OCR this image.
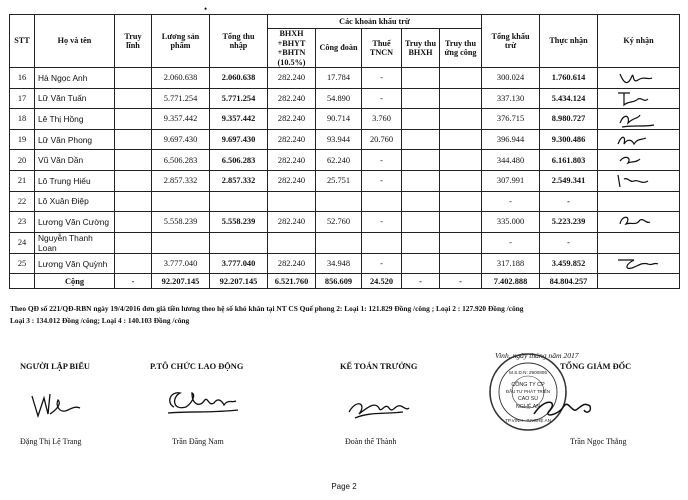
•
STT	Họ và tên	Truy lĩnh	Lương sản phẩm	Tổng thu nhập	Các khoản khấu trừ					Tổng khấu trừ	Thực nhận	Ký nhận
					BHXH +BHYT +BHTN (10.5%)	Công đoàn	Thuế TNCN	Truy thu BHXH	Truy thu ứng công			
16	Hà Ngọc Anh		2.060.638	2.060.638	282.240	17.784	-			300.024	1.760.614	

17	Lữ Văn Tuấn		5.771.254	5.771.254	282.240	54.890	-			337.130	5.434.124	

18	Lê Thị Hồng		9.357.442	9.357.442	282.240	90.714	3.760			376.715	8.980.727	

19	Lữ Văn Phong		9.697.430	9.697.430	282.240	93.944	20.760			396.944	9.300.486	

20	Vũ Văn Dần		6.506.283	6.506.283	282.240	62.240	-			344.480	6.161.803	

21	Lô Trung Hiếu		2.857.332	2.857.332	282.240	25.751	-			307.991	2.549.341	

22	Lô Xuân Điệp									-	-	
23	Lương Văn Cường		5.558.239	5.558.239	282.240	52.760	-			335.000	5.223.239	

24	Nguyễn Thanh Loan									-	-	
25	Lương Văn Quỳnh		3.777.040	3.777.040	282.240	34.948	-			317.188	3.459.852	

	Cộng	-	92.207.145	92.207.145	6.521.760	856.609	24.520	-	-	7.402.888	84.804.257	
Theo QĐ số 221/QĐ-RBN ngày 19/4/2016 đơn giá tiền lương theo hệ số khó khăn tại NT CS Quế phong 2: Loại 1: 121.829 Đồng /công ; Loại 2 : 127.920 Đồng /công
Loại 3 : 134.012 Đồng /công; Loại 4 : 140.103 Đồng /công
Vinh, ngày tháng năm 2017
NGƯỜI LẬP BIỂU	P.TÔ CHỨC LAO ĐỘNG	KẾ TOÁN TRƯỞNG	TỔNG GIÁM ĐỐC
M.S.D.N: 2900806
CÔNG TY CP
ĐẦU TƯ PHÁT TRIỂN
CAO SU
NGHỆ AN
TP.VINH - T.NGHỆ AN
Đặng Thị Lệ Trang	Trần Đăng Nam	Đoàn thế Thành	Trần Ngọc Thắng
Page 2
